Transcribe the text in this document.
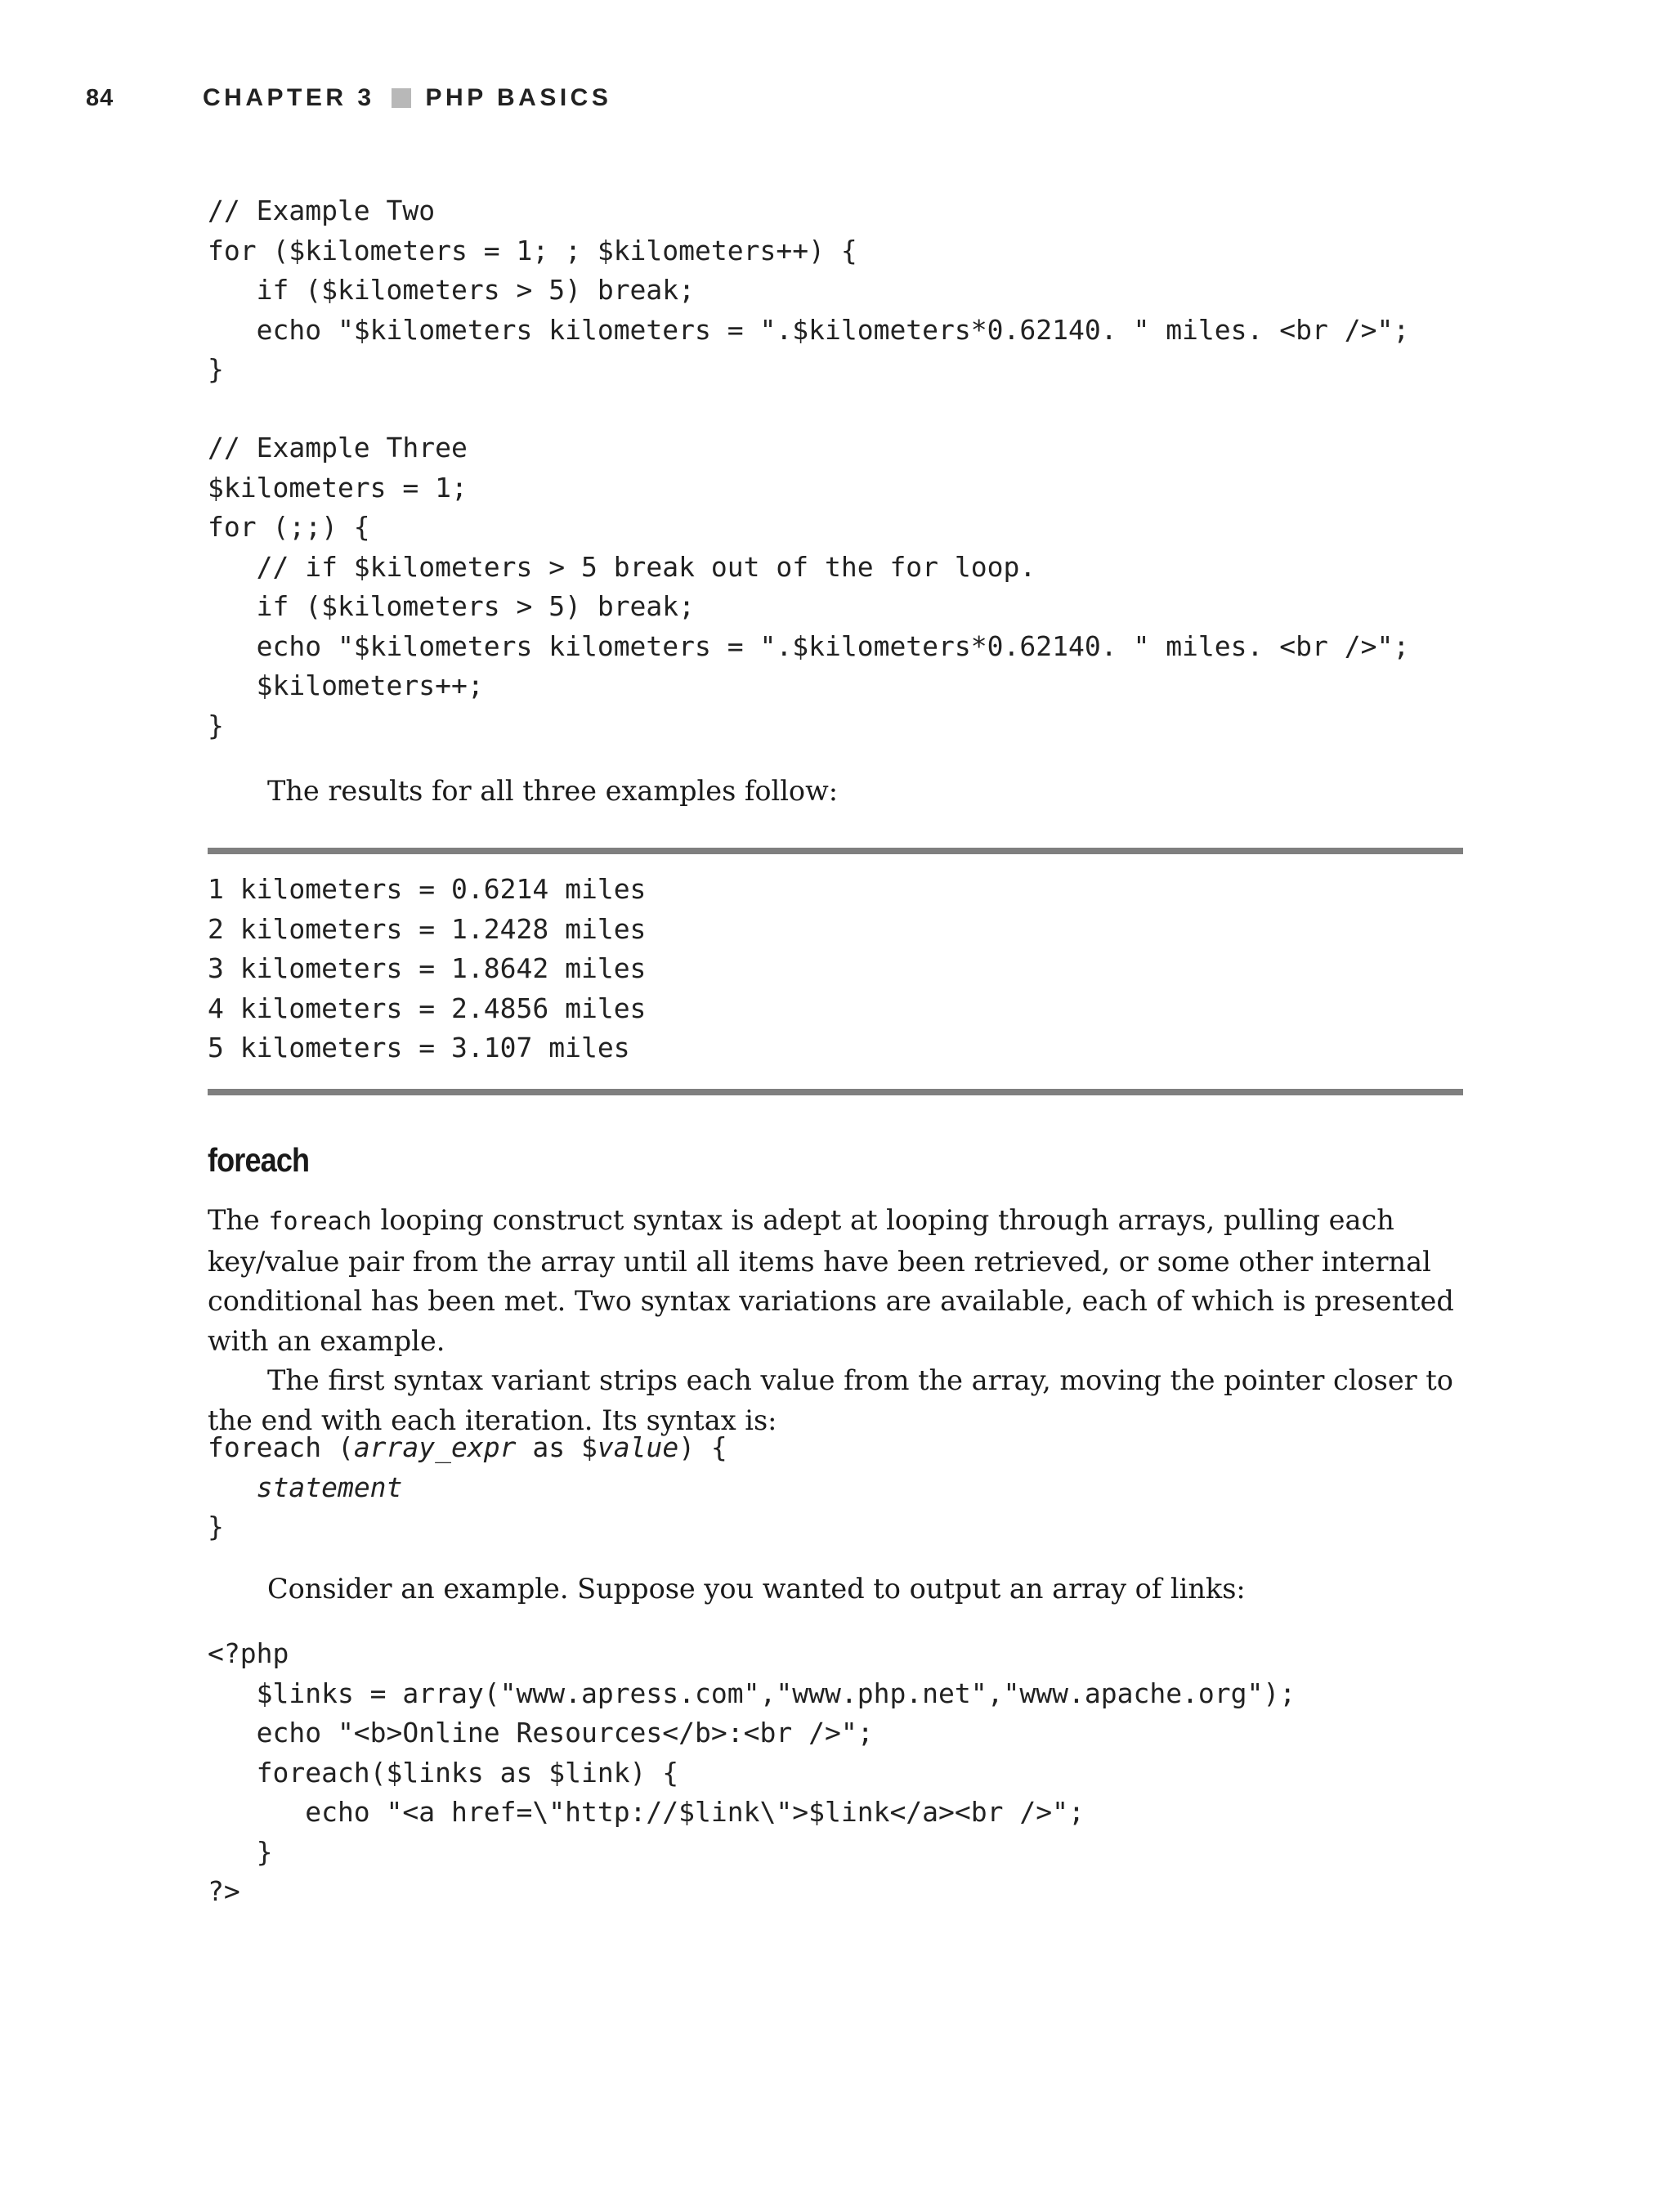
84	CHAPTER 3 PHP BASICS
// Example Two
for ($kilometers = 1; ; $kilometers++) {
if ($kilometers > 5) break;
echo "$kilometers kilometers = ".$kilometers*0.62140. " miles. <br />";
}
// Example Three
$kilometers = 1;
for (;;) {
// if $kilometers > 5 break out of the for loop.
if ($kilometers > 5) break;
echo "$kilometers kilometers = ".$kilometers*0.62140. " miles. <br />";
$kilometers++;
}

The results for all three examples follow:

1 kilometers = 0.6214 miles
2 kilometers = 1.2428 miles
3 kilometers = 1.8642 miles
4 kilometers = 2.4856 miles
5 kilometers = 3.107 miles
foreach

The foreach looping construct syntax is adept at looping through arrays, pulling each key/value pair from the array until all items have been retrieved, or some other internal conditional has been met. Two syntax variations are available, each of which is presented with an example.

The first syntax variant strips each value from the array, moving the pointer closer to the end with each iteration. Its syntax is:

foreach (array_expr as $value) {
statement
}

Consider an example. Suppose you wanted to output an array of links:

<?php
$links = array("www.apress.com","www.php.net","www.apache.org");
echo "<b>Online Resources</b>:<br />";
foreach($links as $link) {
echo "<a href=\"http://$link\">$link</a><br />";
}
?>
